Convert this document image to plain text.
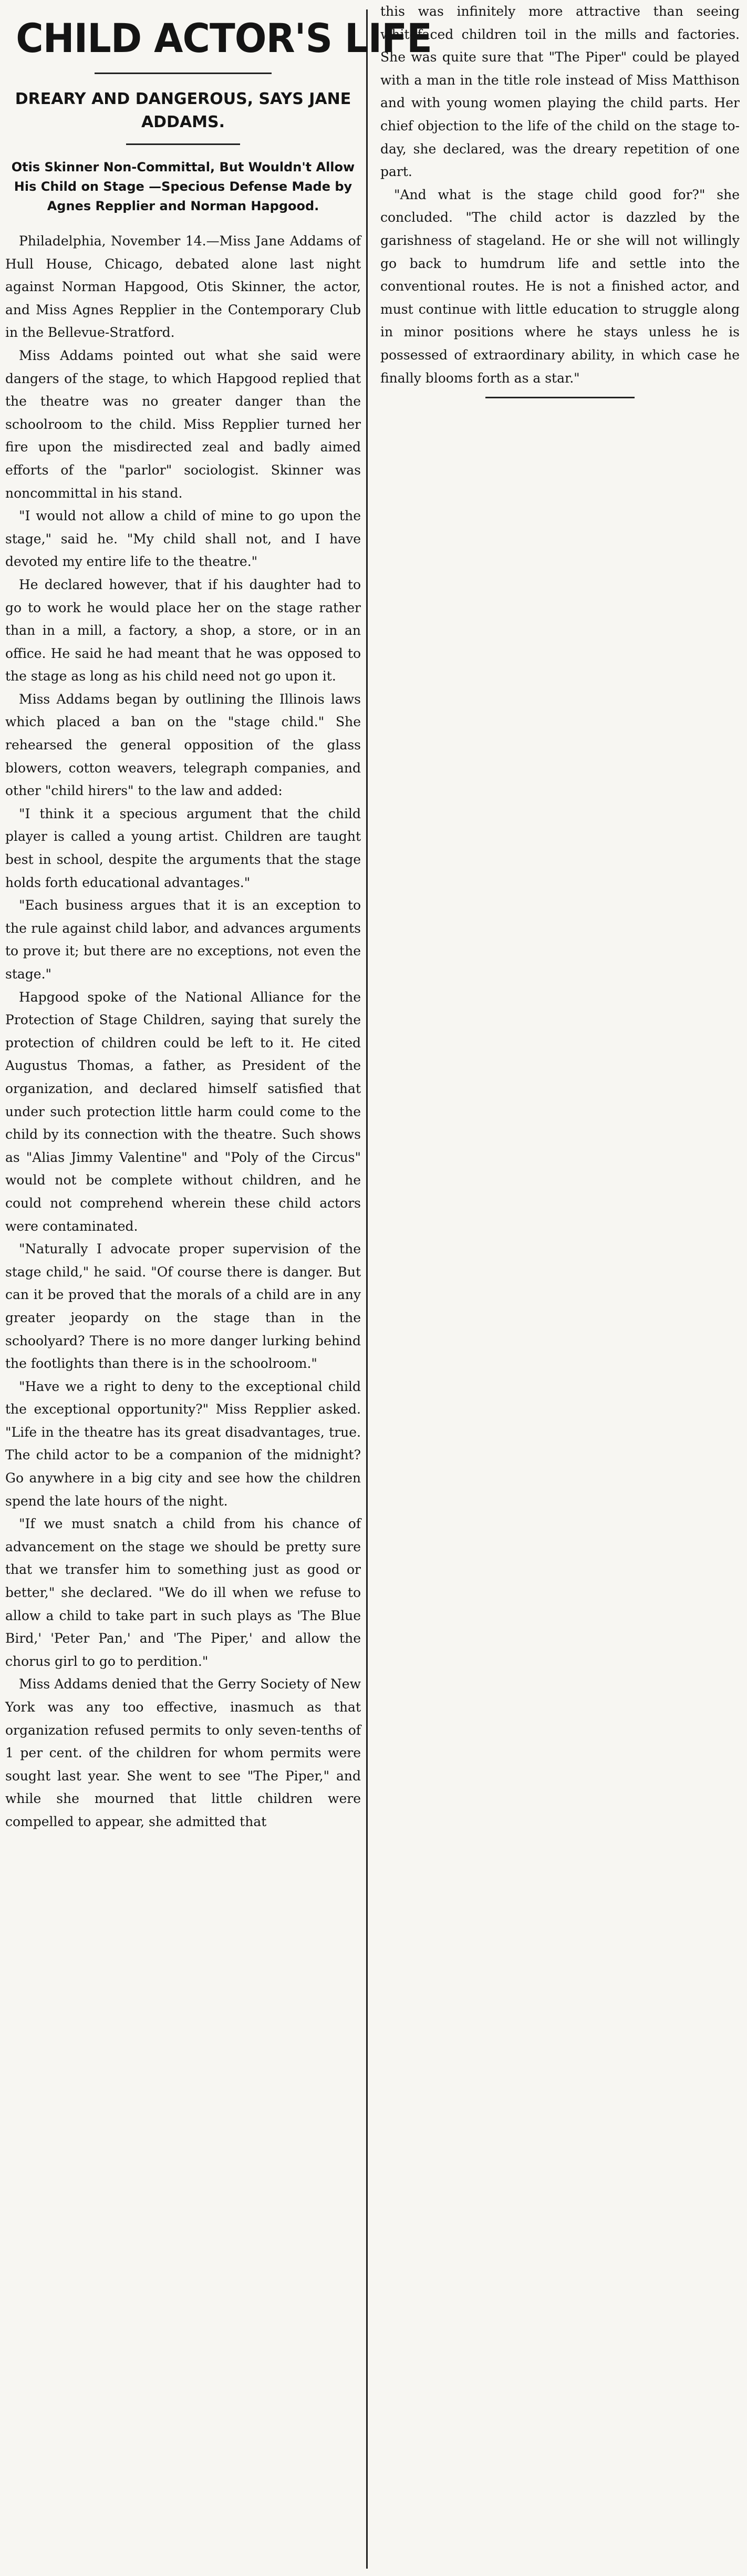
CHILD ACTOR'S LIFE

DREARY AND DANGEROUS, SAYS JANE ADDAMS.

Otis Skinner Non-Committal, But Wouldn't Allow His Child on Stage —Specious Defense Made by Agnes Repplier and Norman Hapgood.

Philadelphia, November 14.—Miss Jane Addams of Hull House, Chicago, debated alone last night against Norman Hapgood, Otis Skinner, the actor, and Miss Agnes Repplier in the Contemporary Club in the Bellevue-Stratford.

Miss Addams pointed out what she said were dangers of the stage, to which Hapgood replied that the theatre was no greater danger than the schoolroom to the child. Miss Repplier turned her fire upon the misdirected zeal and badly aimed efforts of the "parlor" sociologist. Skinner was noncommittal in his stand.

"I would not allow a child of mine to go upon the stage," said he. "My child shall not, and I have devoted my entire life to the theatre."

He declared however, that if his daughter had to go to work he would place her on the stage rather than in a mill, a factory, a shop, a store, or in an office. He said he had meant that he was opposed to the stage as long as his child need not go upon it.

Miss Addams began by outlining the Illinois laws which placed a ban on the "stage child." She rehearsed the general opposition of the glass blowers, cotton weavers, telegraph companies, and other "child hirers" to the law and added:

"I think it a specious argument that the child player is called a young artist. Children are taught best in school, despite the arguments that the stage holds forth educational advantages."

"Each business argues that it is an exception to the rule against child labor, and advances arguments to prove it; but there are no exceptions, not even the stage."

Hapgood spoke of the National Alliance for the Protection of Stage Children, saying that surely the protection of children could be left to it. He cited Augustus Thomas, a father, as President of the organization, and declared himself satisfied that under such protection little harm could come to the child by its connection with the theatre. Such shows as "Alias Jimmy Valentine" and "Poly of the Circus" would not be complete without children, and he could not comprehend wherein these child actors were contaminated.

"Naturally I advocate proper supervision of the stage child," he said. "Of course there is danger. But can it be proved that the morals of a child are in any greater jeopardy on the stage than in the schoolyard? There is no more danger lurking behind the footlights than there is in the schoolroom."

"Have we a right to deny to the exceptional child the exceptional opportunity?" Miss Repplier asked. "Life in the theatre has its great disadvantages, true. The child actor to be a companion of the midnight? Go anywhere in a big city and see how the children spend the late hours of the night.

"If we must snatch a child from his chance of advancement on the stage we should be pretty sure that we transfer him to something just as good or better," she declared. "We do ill when we refuse to allow a child to take part in such plays as 'The Blue Bird,' 'Peter Pan,' and 'The Piper,' and allow the chorus girl to go to perdition."

Miss Addams denied that the Gerry Society of New York was any too effective, inasmuch as that organization refused permits to only seven-tenths of 1 per cent. of the children for whom permits were sought last year. She went to see "The Piper," and while she mourned that little children were compelled to appear, she admitted that

this was infinitely more attractive than seeing whitefaced children toil in the mills and factories. She was quite sure that "The Piper" could be played with a man in the title role instead of Miss Matthison and with young women playing the child parts. Her chief objection to the life of the child on the stage to-day, she declared, was the dreary repetition of one part.

"And what is the stage child good for?" she concluded. "The child actor is dazzled by the garishness of stageland. He or she will not willingly go back to humdrum life and settle into the conventional routes. He is not a finished actor, and must continue with little education to struggle along in minor positions where he stays unless he is possessed of extraordinary ability, in which case he finally blooms forth as a star."
